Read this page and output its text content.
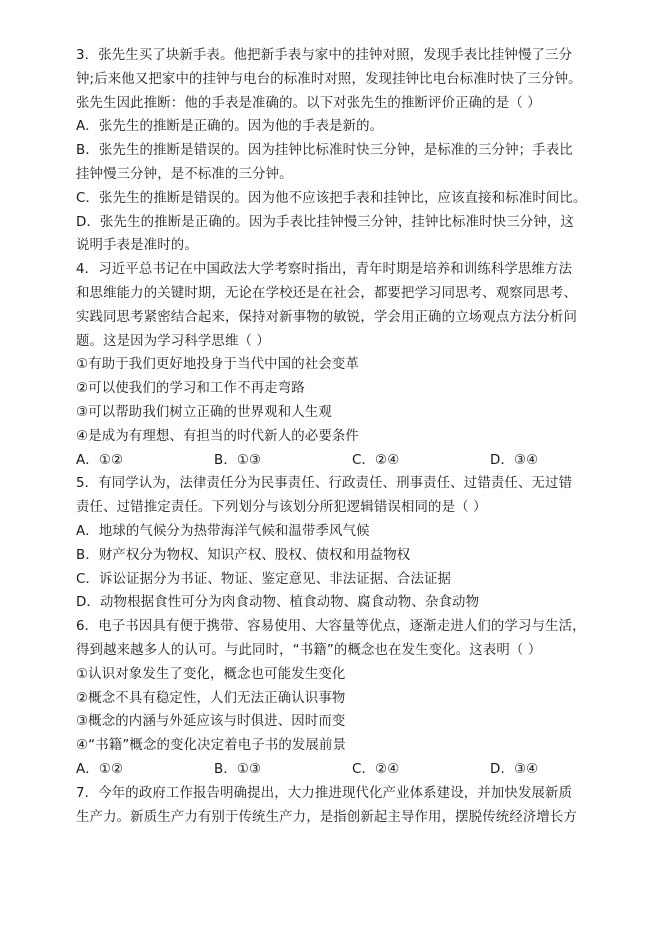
3．张先生买了块新手表。他把新手表与家中的挂钟对照，发现手表比挂钟慢了三分
钟;后来他又把家中的挂钟与电台的标准时对照，发现挂钟比电台标准时快了三分钟。
张先生因此推断：他的手表是准确的。以下对张先生的推断评价正确的是（ ）
A．张先生的推断是正确的。因为他的手表是新的。
B．张先生的推断是错误的。因为挂钟比标准时快三分钟，是标准的三分钟；手表比
挂钟慢三分钟，是不标准的三分钟。
C．张先生的推断是错误的。因为他不应该把手表和挂钟比，应该直接和标准时间比。
D．张先生的推断是正确的。因为手表比挂钟慢三分钟，挂钟比标准时快三分钟，这
说明手表是准时的。
4．习近平总书记在中国政法大学考察时指出，青年时期是培养和训练科学思维方法
和思维能力的关键时期，无论在学校还是在社会，都要把学习同思考、观察同思考、
实践同思考紧密结合起来，保持对新事物的敏锐，学会用正确的立场观点方法分析问
题。这是因为学习科学思维（ ）
①有助于我们更好地投身于当代中国的社会变革
②可以使我们的学习和工作不再走弯路
③可以帮助我们树立正确的世界观和人生观
④是成为有理想、有担当的时代新人的必要条件
A．①②	B．①③	C．②④	D．③④
5．有同学认为，法律责任分为民事责任、行政责任、刑事责任、过错责任、无过错
责任、过错推定责任。下列划分与该划分所犯逻辑错误相同的是（ ）
A．地球的气候分为热带海洋气候和温带季风气候
B．财产权分为物权、知识产权、股权、债权和用益物权
C．诉讼证据分为书证、物证、鉴定意见、非法证据、合法证据
D．动物根据食性可分为肉食动物、植食动物、腐食动物、杂食动物
6．电子书因具有便于携带、容易使用、大容量等优点，逐渐走进人们的学习与生活，
得到越来越多人的认可。与此同时，“书籍”的概念也在发生变化。这表明（ ）
①认识对象发生了变化，概念也可能发生变化
②概念不具有稳定性，人们无法正确认识事物
③概念的内涵与外延应该与时俱进、因时而变
④“书籍”概念的变化决定着电子书的发展前景
A．①②	B．①③	C．②④	D．③④
7．今年的政府工作报告明确提出，大力推进现代化产业体系建设，并加快发展新质
生产力。新质生产力有别于传统生产力，是指创新起主导作用，摆脱传统经济增长方
